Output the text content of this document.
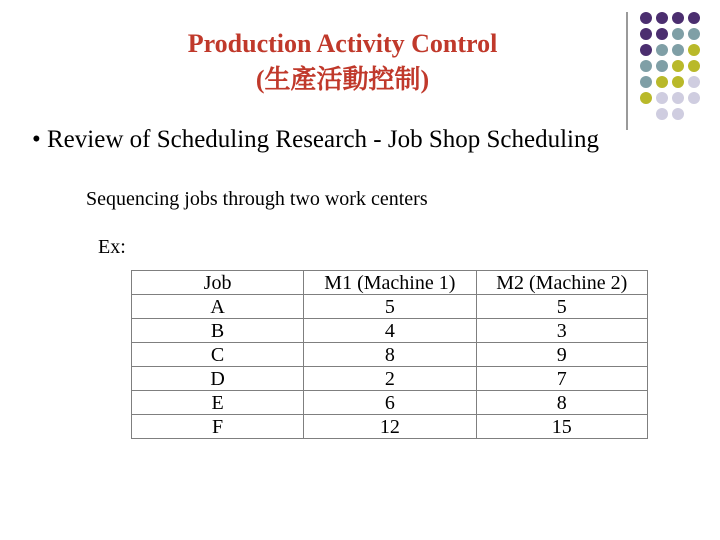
Production Activity Control
(生產活動控制)
• Review of Scheduling Research - Job Shop Scheduling
Sequencing jobs through two work centers
Ex:
Job	M1 (Machine 1)	M2 (Machine 2)
A	5	5
B	4	3
C	8	9
D	2	7
E	6	8
F	12	15
